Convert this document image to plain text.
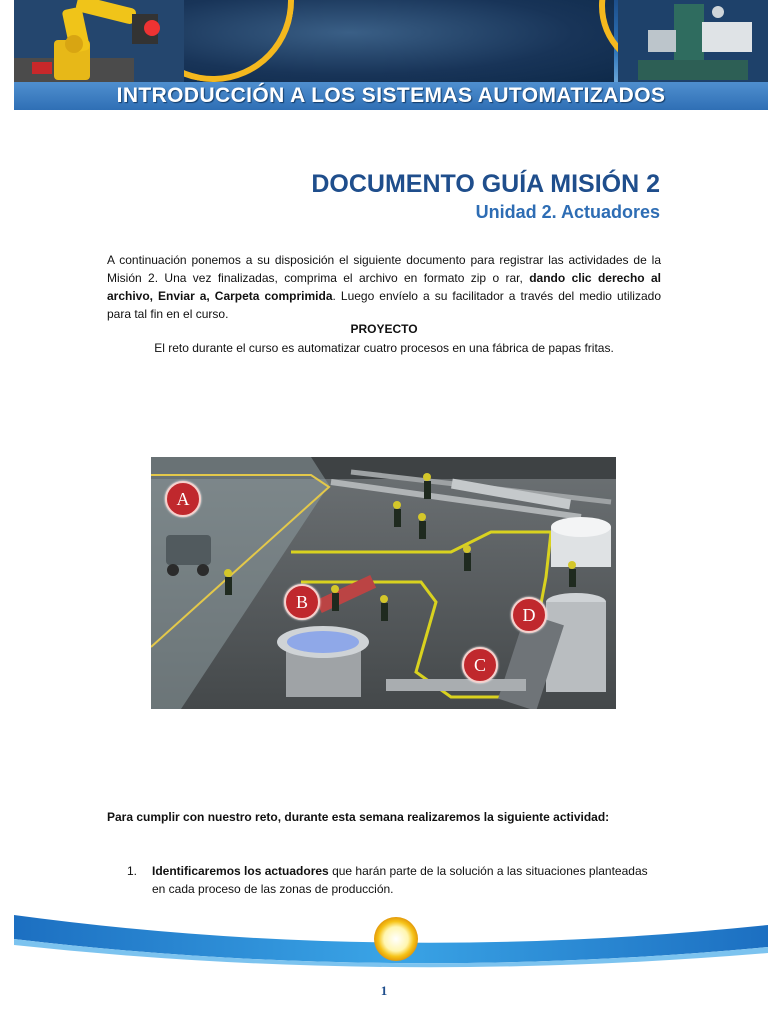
INTRODUCCIÓN A LOS SISTEMAS AUTOMATIZADOS
DOCUMENTO GUÍA MISIÓN 2
Unidad 2. Actuadores
A continuación ponemos a su disposición el siguiente documento para registrar las actividades de la Misión 2. Una vez finalizadas, comprima el archivo en formato zip o rar, dando clic derecho al archivo, Enviar a, Carpeta comprimida. Luego envíelo a su facilitador a través del medio utilizado para tal fin en el curso.
PROYECTO
El reto durante el curso es automatizar cuatro procesos en una fábrica de papas fritas.
A
B
C
D
Para cumplir con nuestro reto, durante esta semana realizaremos la siguiente actividad:
1. Identificaremos los actuadores que harán parte de la solución a las situaciones planteadas en cada proceso de las zonas de producción.
1
